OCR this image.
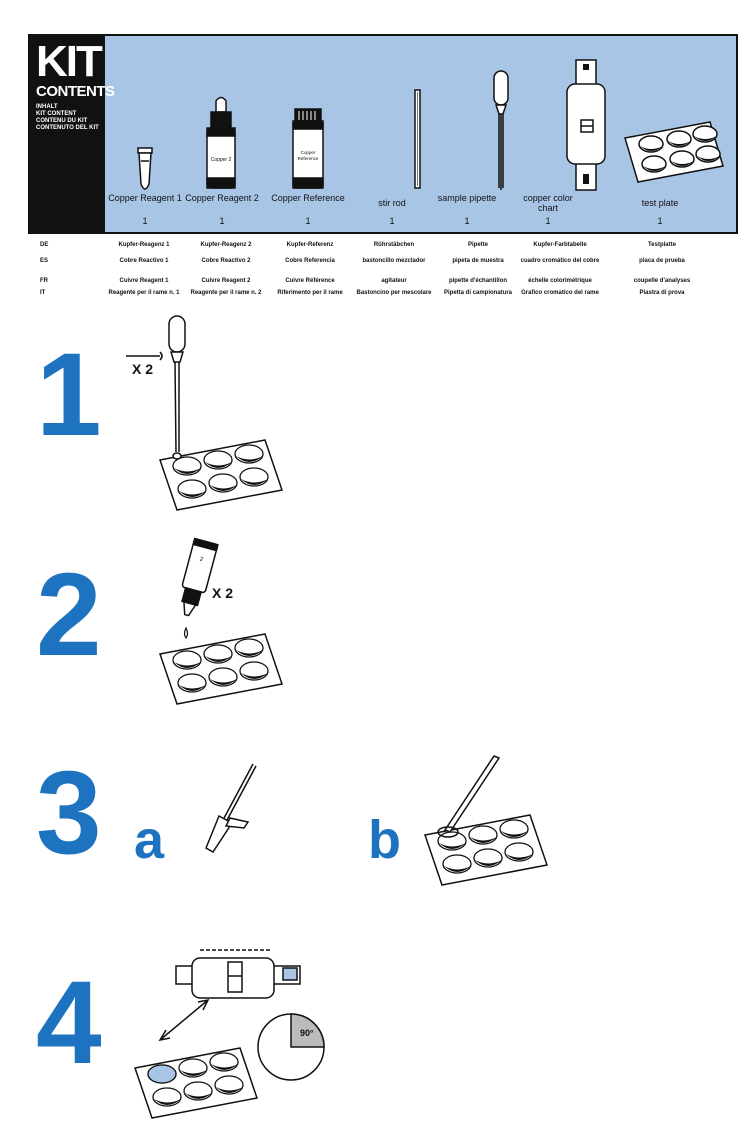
KIT
CONTENTS
INHALT
KIT CONTENT
CONTENU DU KIT
CONTENUTO DEL KIT
Copper 2
Copper
Reference
Copper Reagent 1
1
Copper Reagent 2
1
Copper Reference
1
stir rod
1
sample pipette
1
copper color chart
1
test plate
1
DE	Kupfer-Reagenz 1	Kupfer-Reagenz 2	Kupfer-Referenz	Rührstäbchen	Pipette	Kupfer-Farbtabelle	Testplatte
ES	Cobre Reactivo 1	Cobre Reactivo 2	Cobre Referencia	bastoncillo mezclador	pipeta de muestra	cuadro cromático del cobre	placa de prueba
FR	Cuivre Reagent 1	Cuivre Reagent 2	Cuivre Référence	agitateur	pipette d'échantillon	échelle colorimétrique	coupelle d'analyses
IT	Reagente per il rame n. 1	Reagente per il rame n. 2	Riferimento per il rame	Bastoncino per mescolare	Pipetta di campionatura	Grafico cromatico del rame	Piastra di prova
1
2
3
4
a	b
X 2
X 2
2
90°
